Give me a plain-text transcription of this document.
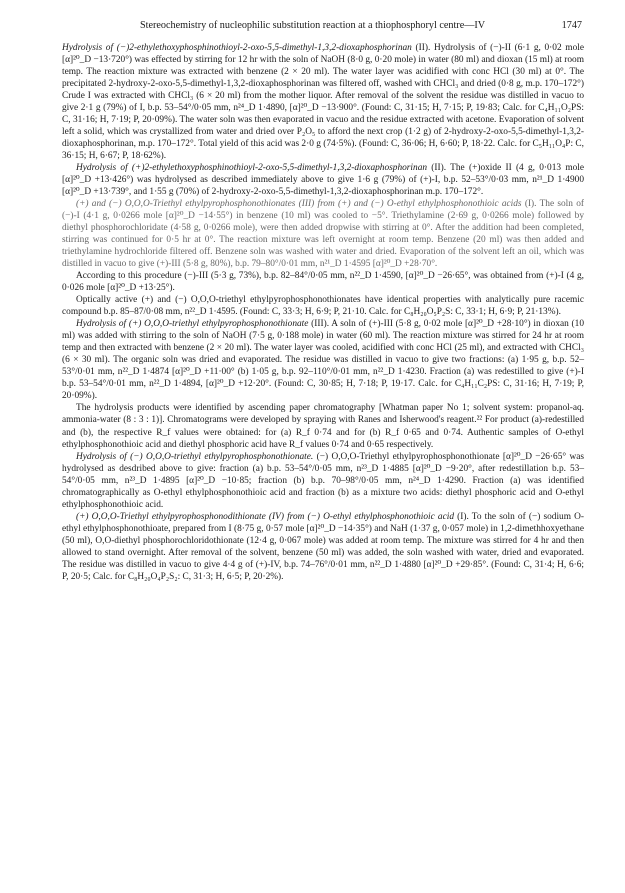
Stereochemistry of nucleophilic substitution reaction at a thiophosphoryl centre—IV	1747

Hydrolysis of (−)2-ethylethoxyphosphinothioyl-2-oxo-5,5-dimethyl-1,3,2-dioxaphosphorinan (II). Hydrolysis of (−)-II (6·1 g, 0·02 mole [α]²⁰_D −13·720°) was effected by stirring for 12 hr with the soln of NaOH (8·0 g, 0·20 mole) in water (80 ml) and dioxan (15 ml) at room temp. The reaction mixture was extracted with benzene (2 × 20 ml). The water layer was acidified with conc HCl (30 ml) at 0°. The precipitated 2-hydroxy-2-oxo-5,5-dimethyl-1,3,2-dioxaphosphorinan was filtered off, washed with CHCl₃ and dried (0·8 g, m.p. 170–172°) Crude I was extracted with CHCl₃ (6 × 20 ml) from the mother liquor. After removal of the solvent the residue was distilled in vacuo to give 2·1 g (79%) of I, b.p. 53–54°/0·05 mm, n²⁴_D 1·4890, [α]²⁰_D −13·900°. (Found: C, 31·15; H, 7·15; P, 19·83; Calc. for C₄H₁₁O₂PS: C, 31·16; H, 7·19; P, 20·09%). The water soln was then evaporated in vacuo and the residue extracted with acetone. Evaporation of solvent left a solid, which was crystallized from water and dried over P₂O₅ to afford the next crop (1·2 g) of 2-hydroxy-2-oxo-5,5-dimethyl-1,3,2-dioxaphosphorinan, m.p. 170–172°. Total yield of this acid was 2·0 g (74·5%). (Found: C, 36·06; H, 6·60; P, 18·22. Calc. for C₅H₁₁O₄P: C, 36·15; H, 6·67; P, 18·62%).

Hydrolysis of (+)2-ethylethoxyphosphinothioyl-2-oxo-5,5-dimethyl-1,3,2-dioxaphosphorinan (II). The (+)oxide II (4 g, 0·013 mole [α]²⁰_D +13·426°) was hydrolysed as described immediately above to give 1·6 g (79%) of (+)-I, b.p. 52–53°/0·03 mm, n²¹_D 1·4900 [α]²⁰_D +13·739°, and 1·55 g (70%) of 2-hydroxy-2-oxo-5,5-dimethyl-1,3,2-dioxaphosphorinan m.p. 170–172°.

(+) and (−) O,O,O-Triethyl ethylpyrophosphonothionates (III) from (+) and (−) O-ethyl ethylphosphonothioic acids (I). The soln of (−)-I (4·1 g, 0·0266 mole [α]²⁰_D −14·55°) in benzene (10 ml) was cooled to −5°. Triethylamine (2·69 g, 0·0266 mole) followed by diethyl phosphorochloridate (4·58 g, 0·0266 mole), were then added dropwise with stirring at 0°. After the addition had been completed, stirring was continued for 0·5 hr at 0°. The reaction mixture was left overnight at room temp. Benzene (20 ml) was then added and triethylamine hydrochloride filtered off. Benzene soln was washed with water and dried. Evaporation of the solvent left an oil, which was distilled in vacuo to give (+)-III (5·8 g, 80%), b.p. 79–80°/0·01 mm, n²¹_D 1·4595 [α]²⁰_D +28·70°.

According to this procedure (−)-III (5·3 g, 73%), b.p. 82–84°/0·05 mm, n²²_D 1·4590, [α]²⁰_D −26·65°, was obtained from (+)-I (4 g, 0·026 mole [α]²⁰_D +13·25°).

Optically active (+) and (−) O,O,O-triethyl ethylpyrophosphonothionates have identical properties with analytically pure racemic compound b.p. 85–87/0·08 mm, n²²_D 1·4595. (Found: C, 33·3; H, 6·9; P, 21·10. Calc. for C₈H₂₀O₅P₂S: C, 33·1; H, 6·9; P, 21·13%).

Hydrolysis of (+) O,O,O-triethyl ethylpyrophosphonothionate (III). A soln of (+)-III (5·8 g, 0·02 mole [α]²⁰_D +28·10°) in dioxan (10 ml) was added with stirring to the soln of NaOH (7·5 g, 0·188 mole) in water (60 ml). The reaction mixture was stirred for 24 hr at room temp and then extracted with benzene (2 × 20 ml). The water layer was cooled, acidified with conc HCl (25 ml), and extracted with CHCl₃ (6 × 30 ml). The organic soln was dried and evaporated. The residue was distilled in vacuo to give two fractions: (a) 1·95 g, b.p. 52–53°/0·01 mm, n²²_D 1·4874 [α]²⁰_D +11·00° (b) 1·05 g, b.p. 92–110°/0·01 mm, n²²_D 1·4230. Fraction (a) was redestilled to give (+)-I b.p. 53–54°/0·01 mm, n²²_D 1·4894, [α]²⁰_D +12·20°. (Found: C, 30·85; H, 7·18; P, 19·17. Calc. for C₄H₁₁C₂PS: C, 31·16; H, 7·19; P, 20·09%).

The hydrolysis products were identified by ascending paper chromatography [Whatman paper No 1; solvent system: propanol-aq. ammonia-water (8 : 3 : 1)]. Chromatograms were developed by spraying with Ranes and Isherwood's reagent.²² For product (a)-redestilled and (b), the respective R_f values were obtained: for (a) R_f 0·74 and for (b) R_f 0·65 and 0·74. Authentic samples of O-ethyl ethylphosphonothioic acid and diethyl phosphoric acid have R_f values 0·74 and 0·65 respectively.

Hydrolysis of (−) O,O,O-triethyl ethylpyrophosphonothionate. (−) O,O,O-Triethyl ethylpyrophosphonothionate [α]²⁰_D −26·65° was hydrolysed as desdribed above to give: fraction (a) b.p. 53–54°/0·05 mm, n²³_D 1·4885 [α]²⁰_D −9·20°, after redestillation b.p. 53–54°/0·05 mm, n²³_D 1·4895 [α]²⁰_D −10·85; fraction (b) b.p. 70–98°/0·05 mm, n²⁴_D 1·4290. Fraction (a) was identified chromatographically as O-ethyl ethylphosphonothioic acid and fraction (b) as a mixture two acids: diethyl phosphoric acid and O-ethyl ethylphosphonothioic acid.

(+) O,O,O-Triethyl ethylpyrophosphonodithionate (IV) from (−) O-ethyl ethylphosphonothioic acid (I). To the soln of (−) sodium O-ethyl ethylphosphonothioate, prepared from I (8·75 g, 0·57 mole [α]²⁰_D −14·35°) and NaH (1·37 g, 0·057 mole) in 1,2-dimethhoxyethane (50 ml), O,O-diethyl phosphorochloridothionate (12·4 g, 0·067 mole) was added at room temp. The mixture was stirred for 4 hr and then allowed to stand overnight. After removal of the solvent, benzene (50 ml) was added, the soln washed with water, dried and evaporated. The residue was distilled in vacuo to give 4·4 g of (+)-IV, b.p. 74–76°/0·01 mm, n²²_D 1·4880 [α]²⁰_D +29·85°. (Found: C, 31·4; H, 6·6; P, 20·5; Calc. for C₈H₂₀O₄P₂S₂: C, 31·3; H, 6·5; P, 20·2%).
